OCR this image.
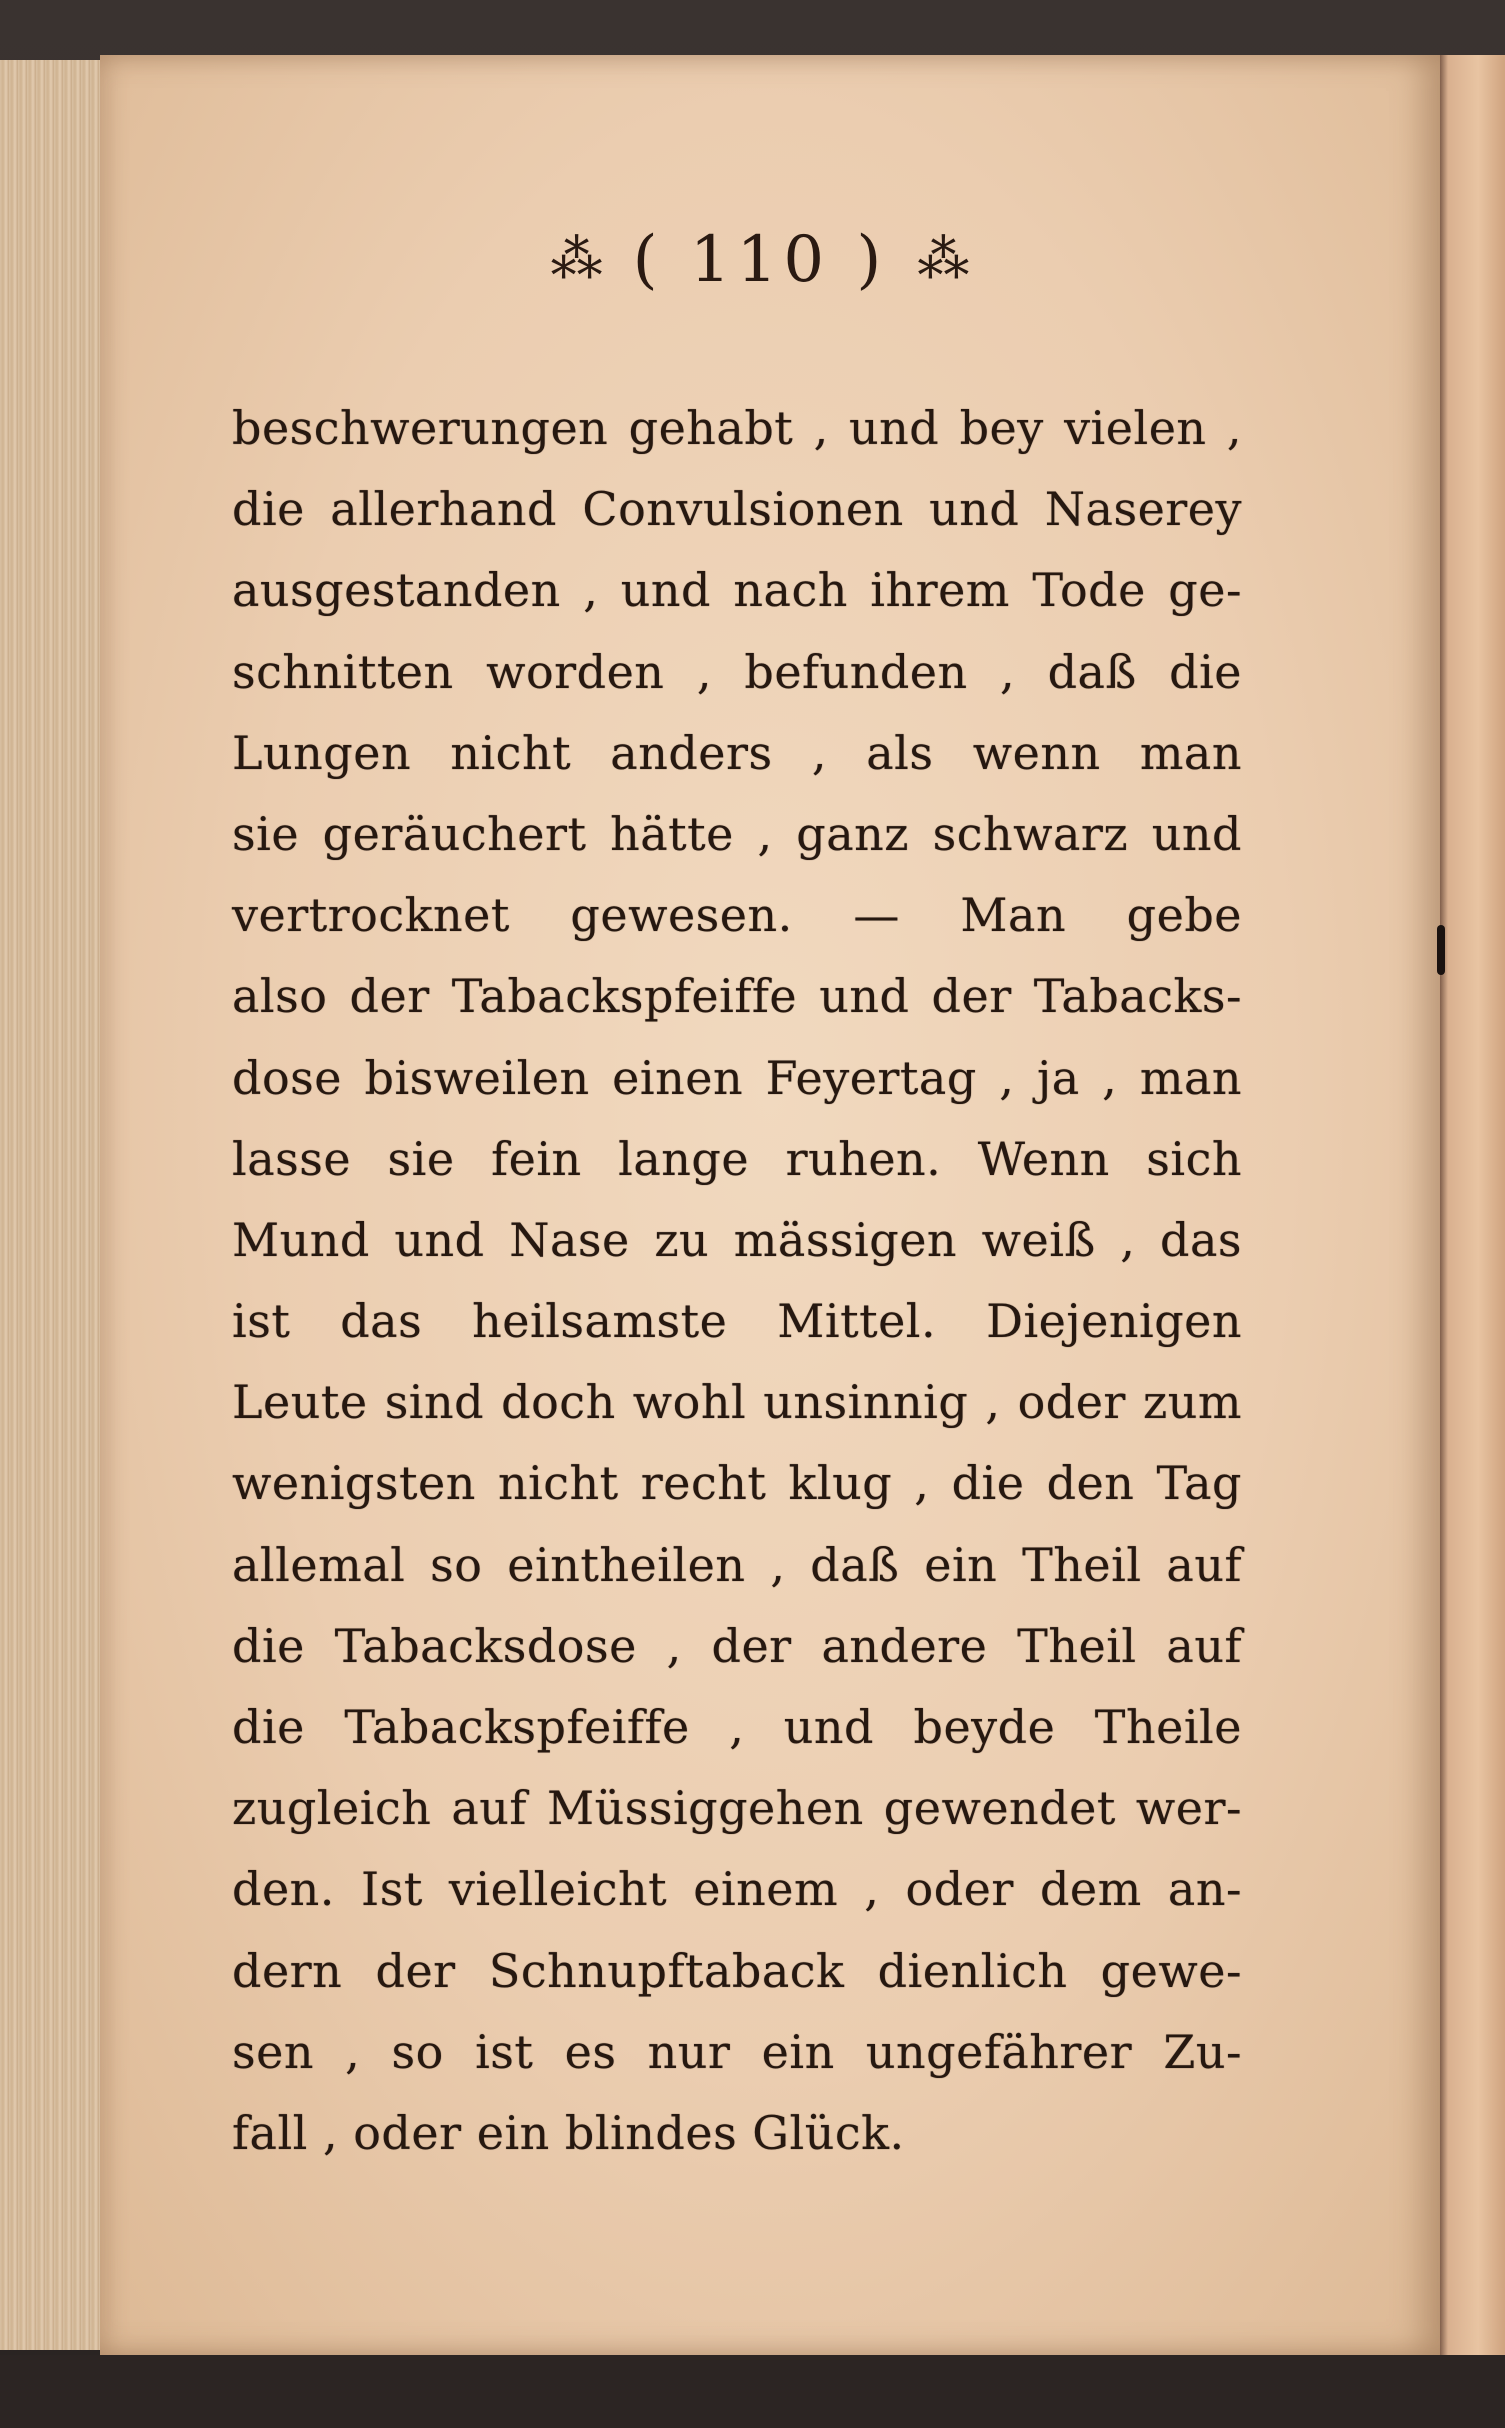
⁂ ( 110 ) ⁂
beschwerungen gehabt , und bey vielen ,
die allerhand Convulsionen und Naserey
ausgestanden , und nach ihrem Tode ge-
schnitten worden , befunden , daß die
Lungen nicht anders , als wenn man
sie geräuchert hätte , ganz schwarz und
vertrocknet gewesen. — Man gebe
also der Tabackspfeiffe und der Tabacks-
dose bisweilen einen Feyertag , ja , man
lasse sie fein lange ruhen. Wenn sich
Mund und Nase zu mässigen weiß , das
ist das heilsamste Mittel. Diejenigen
Leute sind doch wohl unsinnig , oder zum
wenigsten nicht recht klug , die den Tag
allemal so eintheilen , daß ein Theil auf
die Tabacksdose , der andere Theil auf
die Tabackspfeiffe , und beyde Theile
zugleich auf Müssiggehen gewendet wer-
den. Ist vielleicht einem , oder dem an-
dern der Schnupftaback dienlich gewe-
sen , so ist es nur ein ungefährer Zu-
fall , oder ein blindes Glück.
